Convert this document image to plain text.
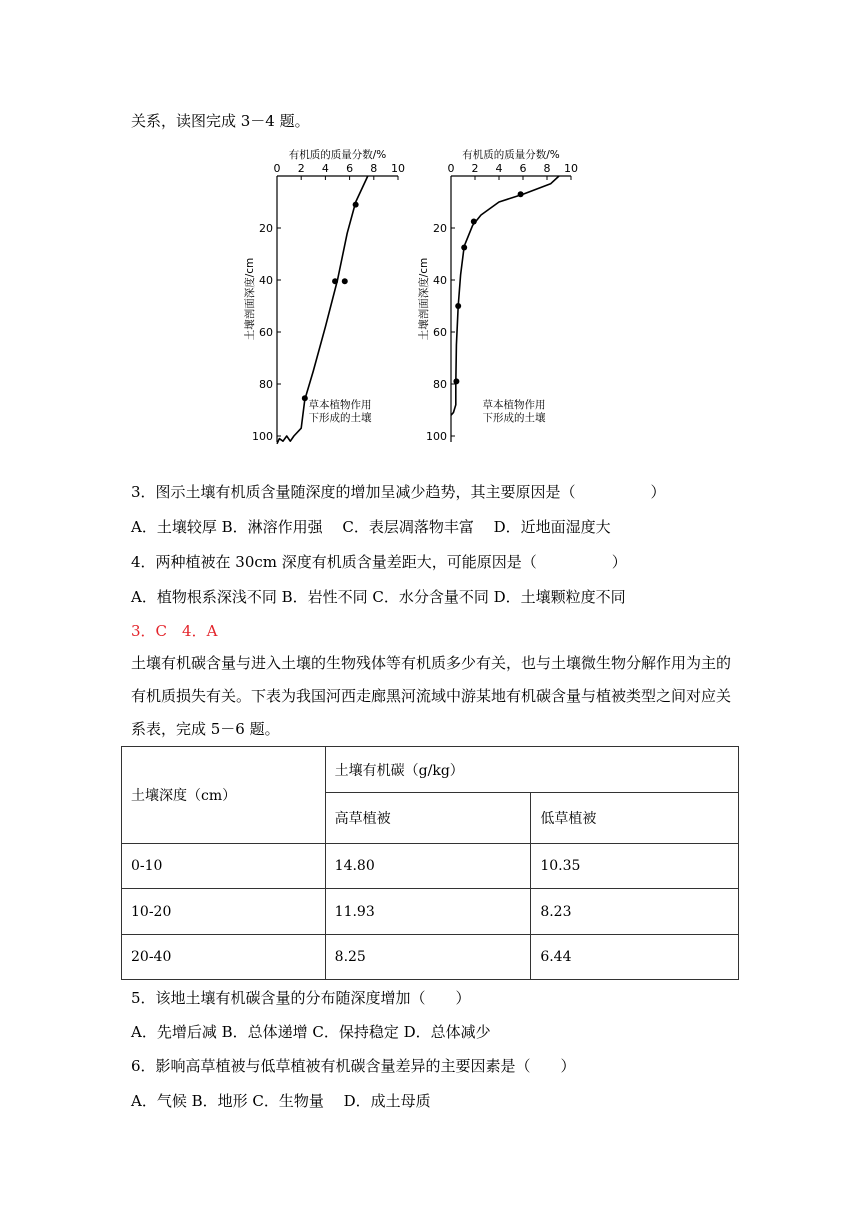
关系，读图完成 3－4 题。
0 2 4 6 8 10
20
40
60
80
100
有机质的质量分数/%
土壤剖面深度/cm
草本植物作用
下形成的土壤
0 2 4 6 8 10
20
40
60
80
100
有机质的质量分数/%
土壤剖面深度/cm
草本植物作用
下形成的土壤
3．图示土壤有机质含量随深度的增加呈减少趋势，其主要原因是（　　　　　）
A．土壤较厚 B．淋溶作用强　 C．表层凋落物丰富　 D．近地面湿度大
4．两种植被在 30cm 深度有机质含量差距大，可能原因是（　　　　　）
A．植物根系深浅不同 B．岩性不同 C．水分含量不同 D．土壤颗粒度不同
3．C　4．A
土壤有机碳含量与进入土壤的生物残体等有机质多少有关，也与土壤微生物分解作用为主的
有机质损失有关。下表为我国河西走廊黑河流域中游某地有机碳含量与植被类型之间对应关
系表，完成 5－6 题。
土壤深度（cm）	土壤有机碳（g/kg）	
	高草植被	低草植被
0-10	14.80	10.35
10-20	11.93	8.23
20-40	8.25	6.44
5．该地土壤有机碳含量的分布随深度增加（　　）
A．先增后减 B．总体递增 C．保持稳定 D．总体减少
6．影响高草植被与低草植被有机碳含量差异的主要因素是（　　）
A．气候 B．地形 C．生物量　 D．成土母质
